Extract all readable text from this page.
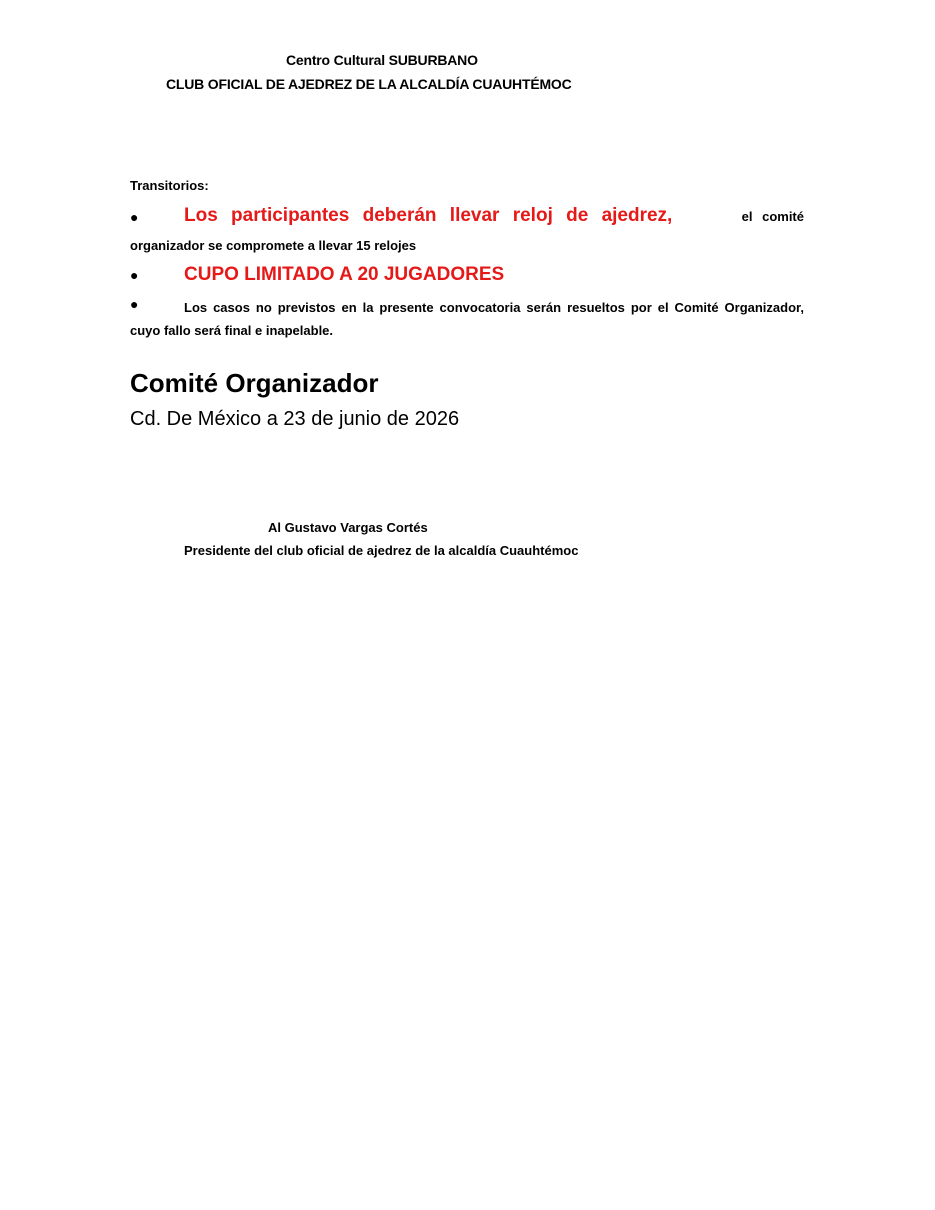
Centro Cultural SUBURBANO
CLUB OFICIAL DE AJEDREZ DE LA ALCALDÍA CUAUHTÉMOC
Transitorios:
● Los participantes deberán llevar reloj de ajedrez,	el comité
organizador se compromete a llevar 15 relojes
● CUPO LIMITADO A 20 JUGADORES
●	Los casos no previstos en la presente convocatoria serán resueltos por el Comité Organizador, cuyo fallo será final e inapelable.
Comité Organizador
Cd. De México a 23 de junio de 2026
Al Gustavo Vargas Cortés
Presidente del club oficial de ajedrez de la alcaldía Cuauhtémoc
